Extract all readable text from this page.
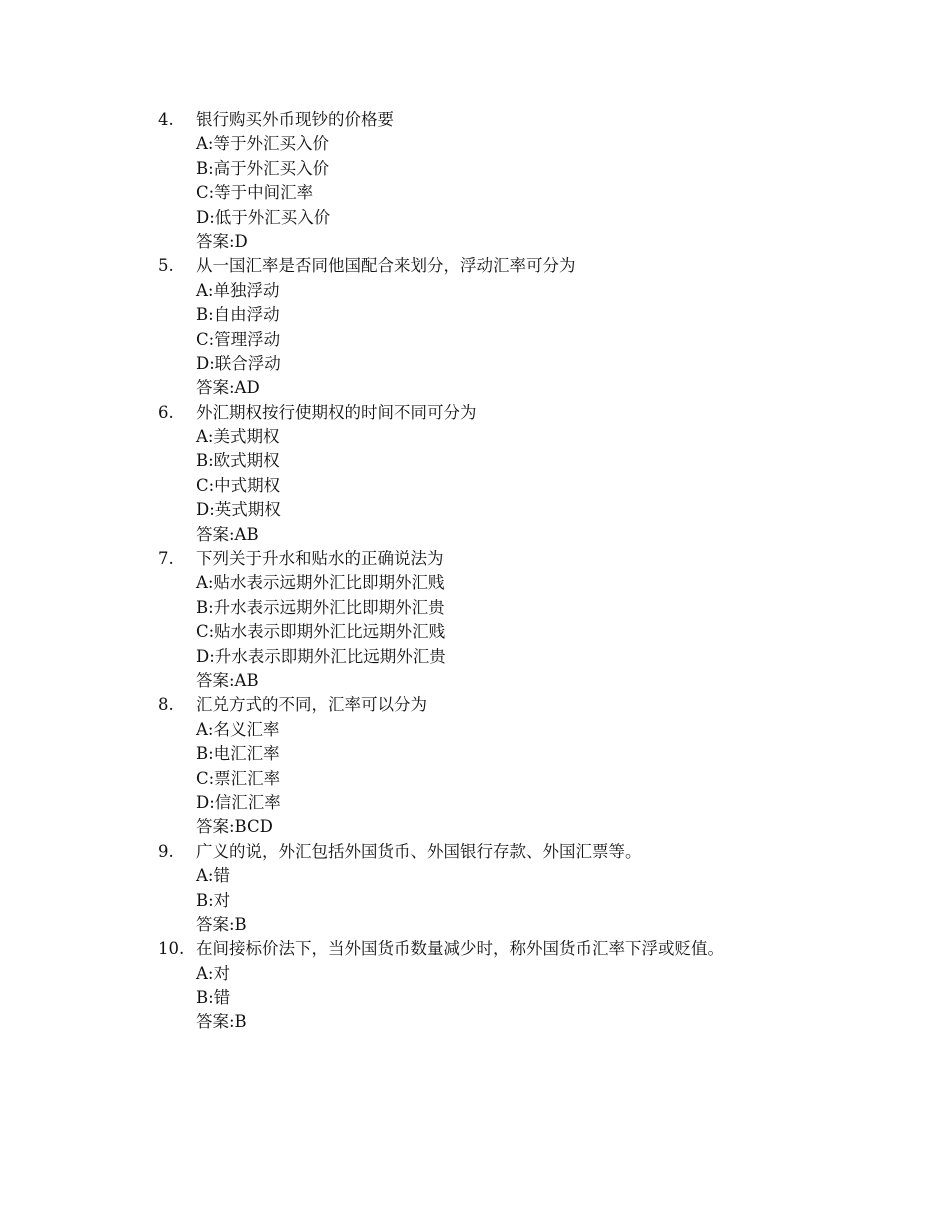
4.	银行购买外币现钞的价格要
A:等于外汇买入价
B:高于外汇买入价
C:等于中间汇率
D:低于外汇买入价
答案:D
5.	从一国汇率是否同他国配合来划分，浮动汇率可分为
A:单独浮动
B:自由浮动
C:管理浮动
D:联合浮动
答案:AD
6.	外汇期权按行使期权的时间不同可分为
A:美式期权
B:欧式期权
C:中式期权
D:英式期权
答案:AB
7.	下列关于升水和贴水的正确说法为
A:贴水表示远期外汇比即期外汇贱
B:升水表示远期外汇比即期外汇贵
C:贴水表示即期外汇比远期外汇贱
D:升水表示即期外汇比远期外汇贵
答案:AB
8.	汇兑方式的不同，汇率可以分为
A:名义汇率
B:电汇汇率
C:票汇汇率
D:信汇汇率
答案:BCD
9.	广义的说，外汇包括外国货币、外国银行存款、外国汇票等。
A:错
B:对
答案:B
10. 在间接标价法下，当外国货币数量减少时，称外国货币汇率下浮或贬值。
A:对
B:错
答案:B
